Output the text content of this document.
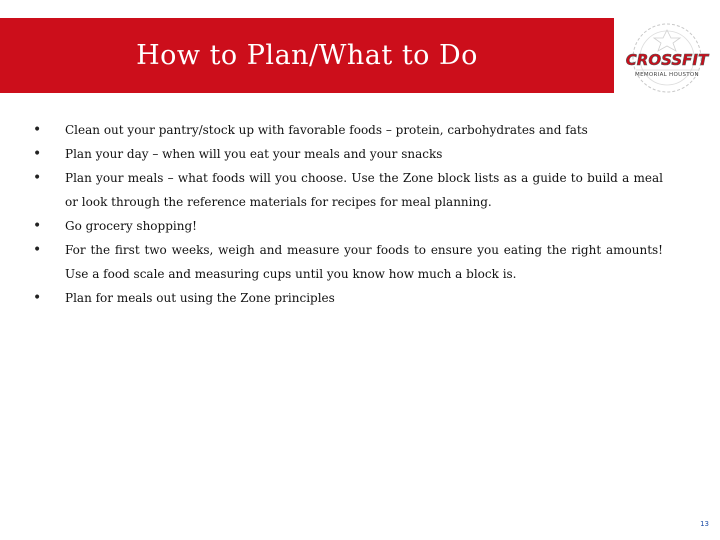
How to Plan/What to Do	CROSSFIT
MEMORIAL HOUSTON
• Clean out your pantry/stock up with favorable foods – protein, carbohydrates and fats
• Plan your day – when will you eat your meals and your snacks
• Plan your meals – what foods will you choose. Use the Zone block lists as a guide to build a meal or look through the reference materials for recipes for meal planning.
• Go grocery shopping!
• For the first two weeks, weigh and measure your foods to ensure you eating the right amounts! Use a food scale and measuring cups until you know how much a block is.
• Plan for meals out using the Zone principles
13
